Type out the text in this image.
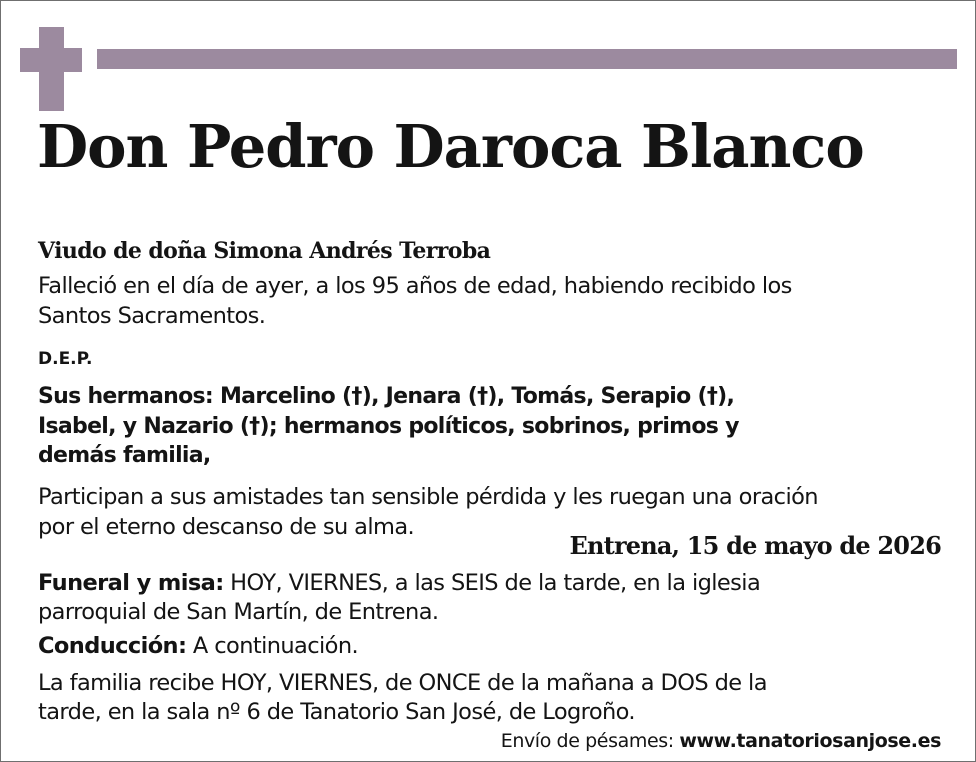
Don Pedro Daroca Blanco
Viudo de doña Simona Andrés Terroba
Falleció en el día de ayer, a los 95 años de edad, habiendo recibido los
Santos Sacramentos.
D.E.P.
Sus hermanos: Marcelino (†), Jenara (†), Tomás, Serapio (†),
Isabel, y Nazario (†); hermanos políticos, sobrinos, primos y
demás familia,
Participan a sus amistades tan sensible pérdida y les ruegan una oración
por el eterno descanso de su alma.
Entrena, 15 de mayo de 2026
Funeral y misa: HOY, VIERNES, a las SEIS de la tarde, en la iglesia
parroquial de San Martín, de Entrena.
Conducción: A continuación.
La familia recibe HOY, VIERNES, de ONCE de la mañana a DOS de la
tarde, en la sala nº 6 de Tanatorio San José, de Logroño.
Envío de pésames: www.tanatoriosanjose.es
